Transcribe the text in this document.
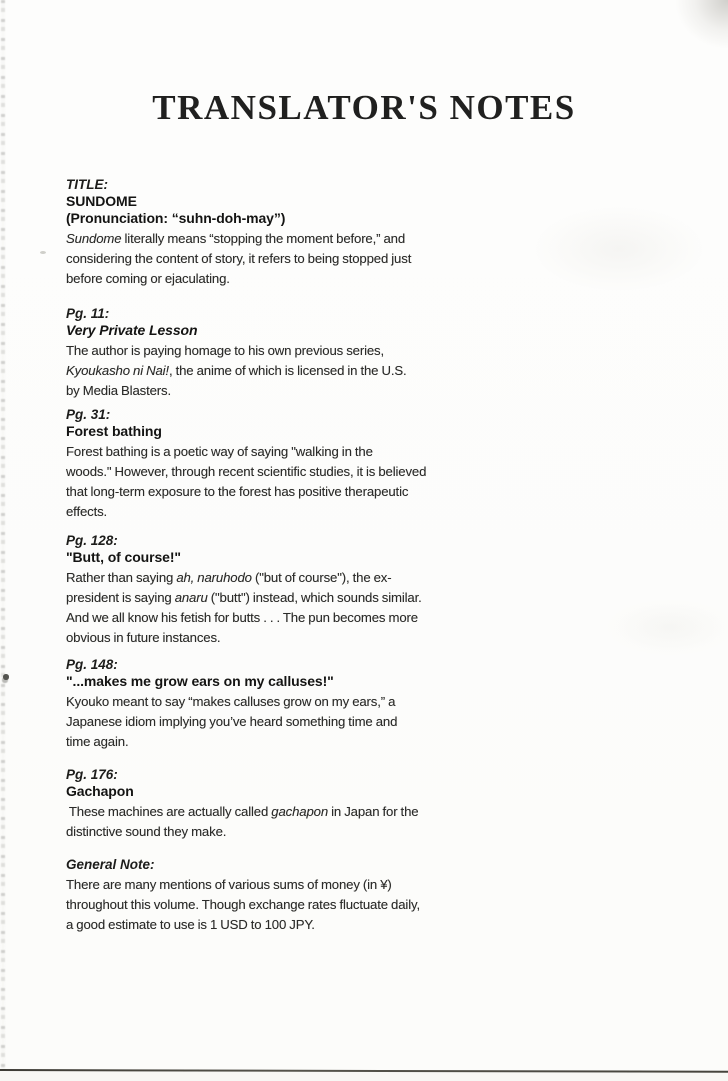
TRANSLATOR'S NOTES
TITLE:
SUNDOME
(Pronunciation: “suhn-doh-may”)
Sundome literally means “stopping the moment before,” and
considering the content of story, it refers to being stopped just
before coming or ejaculating.
Pg. 11:
Very Private Lesson
The author is paying homage to his own previous series,
Kyoukasho ni Nai!, the anime of which is licensed in the U.S.
by Media Blasters.
Pg. 31:
Forest bathing
Forest bathing is a poetic way of saying "walking in the
woods." However, through recent scientific studies, it is believed
that long-term exposure to the forest has positive therapeutic
effects.
Pg. 128:
"Butt, of course!"
Rather than saying ah, naruhodo ("but of course"), the ex-
president is saying anaru ("butt") instead, which sounds similar.
And we all know his fetish for butts . . . The pun becomes more
obvious in future instances.
Pg. 148:
"...makes me grow ears on my calluses!"
Kyouko meant to say “makes calluses grow on my ears,” a
Japanese idiom implying you’ve heard something time and
time again.
Pg. 176:
Gachapon
These machines are actually called gachapon in Japan for the
distinctive sound they make.
General Note:
There are many mentions of various sums of money (in ¥)
throughout this volume. Though exchange rates fluctuate daily,
a good estimate to use is 1 USD to 100 JPY.
